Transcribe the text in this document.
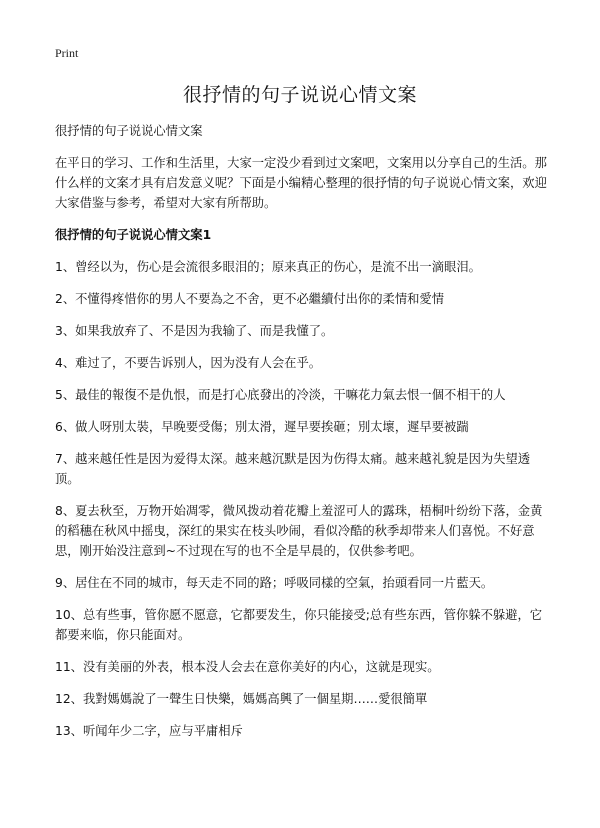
Print
很抒情的句子说说心情文案

很抒情的句子说说心情文案

在平日的学习、工作和生活里，大家一定没少看到过文案吧，文案用以分享自己的生活。那什么样的文案才具有启发意义呢？下面是小编精心整理的很抒情的句子说说心情文案，欢迎大家借鉴与参考，希望对大家有所帮助。

很抒情的句子说说心情文案1

1、曾经以为，伤心是会流很多眼泪的；原来真正的伤心，是流不出一滴眼泪。

2、不懂得疼惜你的男人不要為之不舍，更不必繼續付出你的柔情和愛情

3、如果我放弃了、不是因为我输了、而是我懂了。

4、难过了，不要告诉别人，因为没有人会在乎。

5、最佳的報復不是仇恨，而是打心底發出的冷淡，干嘛花力氣去恨一個不相干的人

6、做人呀別太裝，早晚要受傷；別太滑，遲早要挨砸；別太壞，遲早要被踹

7、越来越任性是因为爱得太深。越来越沉默是因为伤得太痛。越来越礼貌是因为失望透顶。

8、夏去秋至，万物开始凋零，微风拨动着花瓣上羞涩可人的露珠，梧桐叶纷纷下落，金黄的稻穗在秋风中摇曳，深红的果实在枝头吵闹，看似冷酷的秋季却带来人们喜悦。不好意思，刚开始没注意到~不过现在写的也不全是早晨的，仅供参考吧。

9、居住在不同的城市，每天走不同的路；呼吸同樣的空氣，抬頭看同一片藍天。

10、总有些事，管你愿不愿意，它都要发生，你只能接受;总有些东西，管你躲不躲避，它都要来临，你只能面对。

11、没有美丽的外表，根本没人会去在意你美好的内心，这就是现实。

12、我對媽媽說了一聲生日快樂，媽媽高興了一個星期……愛很簡單

13、听闻年少二字，应与平庸相斥
